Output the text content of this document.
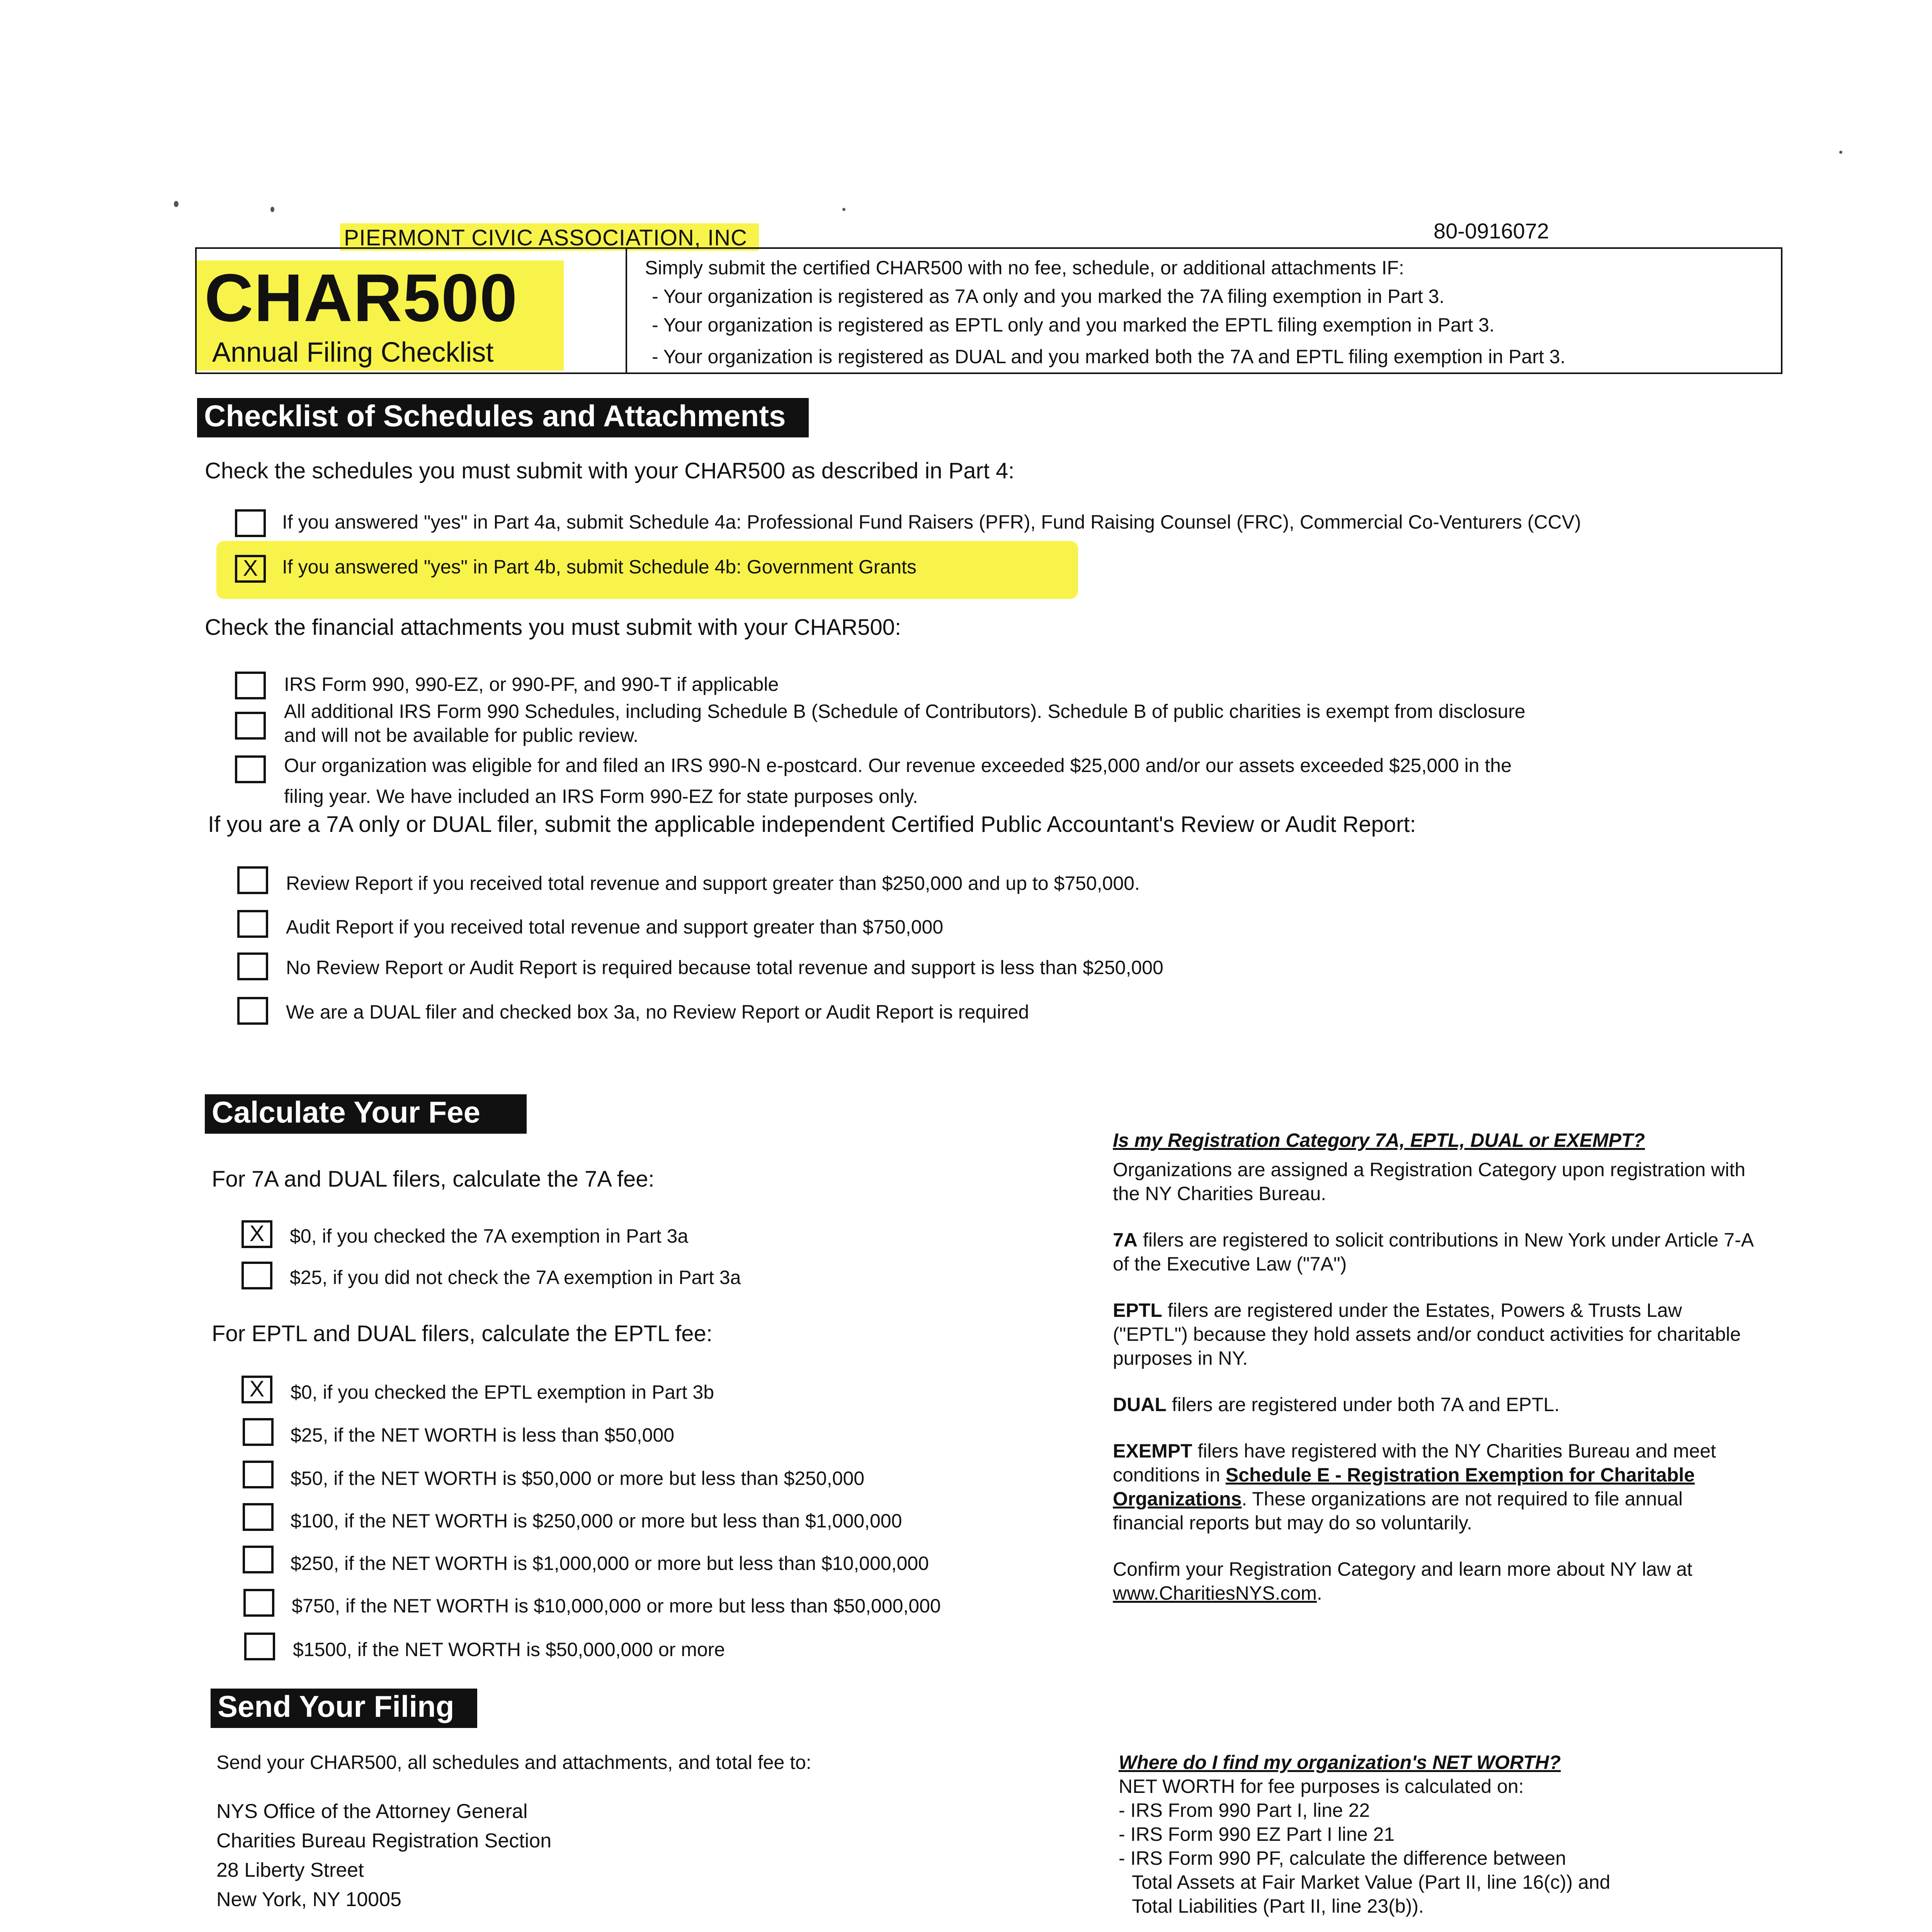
PIERMONT CIVIC ASSOCIATION, INC	80-0916072
CHAR500
Annual Filing Checklist
Simply submit the certified CHAR500 with no fee, schedule, or additional attachments IF:
- Your organization is registered as 7A only and you marked the 7A filing exemption in Part 3.
- Your organization is registered as EPTL only and you marked the EPTL filing exemption in Part 3.
- Your organization is registered as DUAL and you marked both the 7A and EPTL filing exemption in Part 3.
Checklist of Schedules and Attachments
Check the schedules you must submit with your CHAR500 as described in Part 4:
If you answered "yes" in Part 4a, submit Schedule 4a: Professional Fund Raisers (PFR), Fund Raising Counsel (FRC), Commercial Co-Venturers (CCV)
X	If you answered "yes" in Part 4b, submit Schedule 4b: Government Grants
Check the financial attachments you must submit with your CHAR500:
IRS Form 990, 990-EZ, or 990-PF, and 990-T if applicable
All additional IRS Form 990 Schedules, including Schedule B (Schedule of Contributors). Schedule B of public charities is exempt from disclosure
and will not be available for public review.
Our organization was eligible for and filed an IRS 990-N e-postcard. Our revenue exceeded $25,000 and/or our assets exceeded $25,000 in the
filing year. We have included an IRS Form 990-EZ for state purposes only.
If you are a 7A only or DUAL filer, submit the applicable independent Certified Public Accountant's Review or Audit Report:
Review Report if you received total revenue and support greater than $250,000 and up to $750,000.
Audit Report if you received total revenue and support greater than $750,000
No Review Report or Audit Report is required because total revenue and support is less than $250,000
We are a DUAL filer and checked box 3a, no Review Report or Audit Report is required
Calculate Your Fee
For 7A and DUAL filers, calculate the 7A fee:
X	$0, if you checked the 7A exemption in Part 3a
$25, if you did not check the 7A exemption in Part 3a
For EPTL and DUAL filers, calculate the EPTL fee:
X	$0, if you checked the EPTL exemption in Part 3b
$25, if the NET WORTH is less than $50,000
$50, if the NET WORTH is $50,000 or more but less than $250,000
$100, if the NET WORTH is $250,000 or more but less than $1,000,000
$250, if the NET WORTH is $1,000,000 or more but less than $10,000,000
$750, if the NET WORTH is $10,000,000 or more but less than $50,000,000
$1500, if the NET WORTH is $50,000,000 or more
Is my Registration Category 7A, EPTL, DUAL or EXEMPT?

Organizations are assigned a Registration Category upon registration with the NY Charities Bureau.

7A filers are registered to solicit contributions in New York under Article 7-A of the Executive Law ("7A")

EPTL filers are registered under the Estates, Powers & Trusts Law ("EPTL") because they hold assets and/or conduct activities for charitable purposes in NY.

DUAL filers are registered under both 7A and EPTL.

EXEMPT filers have registered with the NY Charities Bureau and meet conditions in Schedule E - Registration Exemption for Charitable Organizations. These organizations are not required to file annual financial reports but may do so voluntarily.

Confirm your Registration Category and learn more about NY law at www.CharitiesNYS.com.

Where do I find my organization's NET WORTH?
NET WORTH for fee purposes is calculated on:
- IRS From 990 Part I, line 22
- IRS Form 990 EZ Part I line 21
- IRS Form 990 PF, calculate the difference between
Total Assets at Fair Market Value (Part II, line 16(c)) and
Total Liabilities (Part II, line 23(b)).
Send Your Filing
Send your CHAR500, all schedules and attachments, and total fee to:
NYS Office of the Attorney General
Charities Bureau Registration Section
28 Liberty Street
New York, NY 10005
